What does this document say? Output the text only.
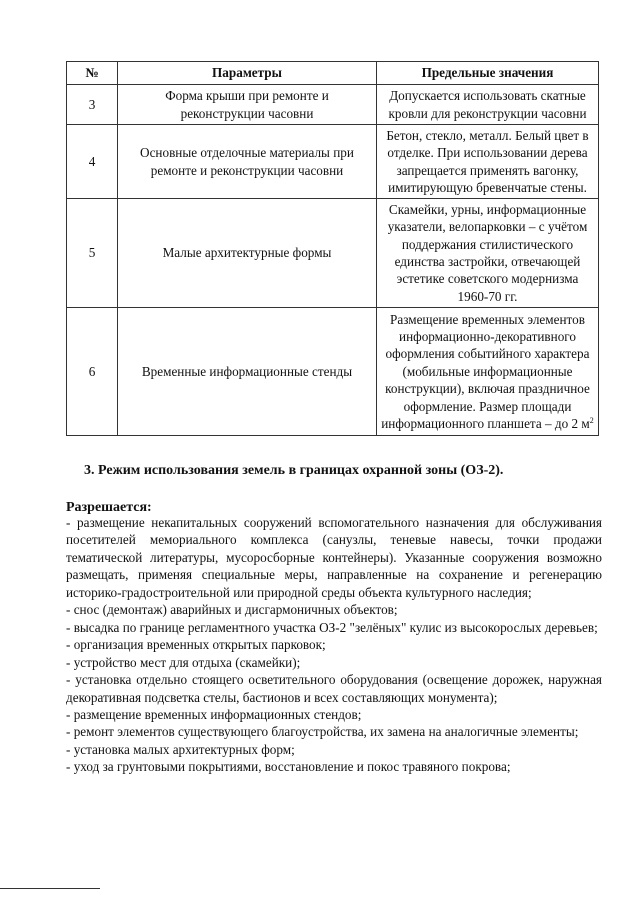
№	Параметры	Предельные значения
3	Форма крыши при ремонте и реконструкции часовни	Допускается использовать скатные кровли для реконструкции часовни
4	Основные отделочные материалы при ремонте и реконструкции часовни	Бетон, стекло, металл. Белый цвет в отделке. При использовании дерева запрещается применять вагонку, имитирующую бревенчатые стены.
5	Малые архитектурные формы	Скамейки, урны, информационные указатели, велопарковки – с учётом поддержания стилистического единства застройки, отвечающей эстетике советского модернизма 1960-70 гг.
6	Временные информационные стенды	Размещение временных элементов информационно-декоративного оформления событийного характера (мобильные информационные конструкции), включая праздничное оформление. Размер площади информационного планшета – до 2 $м^2$
3. Режим использования земель в границах охранной зоны (ОЗ-2).
Разрешается:
- размещение некапитальных сооружений вспомогательного назначения для обслуживания посетителей мемориального комплекса (санузлы, теневые навесы, точки продажи тематической литературы, мусоросборные контейнеры). Указанные сооружения возможно размещать, применяя специальные меры, направленные на сохранение и регенерацию историко-градостроительной или природной среды объекта культурного наследия;
- снос (демонтаж) аварийных и дисгармоничных объектов;
- высадка по границе регламентного участка ОЗ-2 "зелёных" кулис из высокорослых деревьев;
- организация временных открытых парковок;
- устройство мест для отдыха (скамейки);
- установка отдельно стоящего осветительного оборудования (освещение дорожек, наружная декоративная подсветка стелы, бастионов и всех составляющих монумента);
- размещение временных информационных стендов;
- ремонт элементов существующего благоустройства, их замена на аналогичные элементы;
- установка малых архитектурных форм;
- уход за грунтовыми покрытиями, восстановление и покос травяного покрова;
